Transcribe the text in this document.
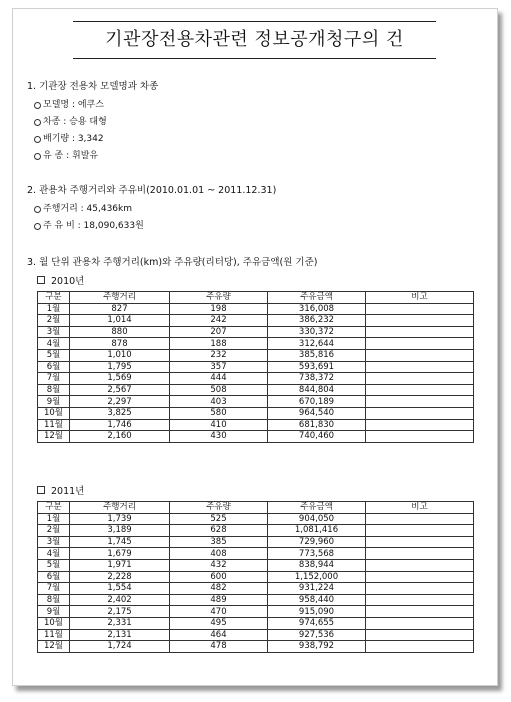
기관장전용차관련 정보공개청구의 건
1. 기관장 전용차 모델명과 차종
모델명 : 에쿠스
차종 : 승용 대형
배기량 : 3,342
유 종 : 휘발유
2. 관용차 주행거리와 주유비(2010.01.01 ~ 2011.12.31)
주행거리 : 45,436km
주 유 비 : 18,090,633원
3. 월 단위 관용차 주행거리(km)와 주유량(리터당), 주유금액(원 기준)
2010년
구분	주행거리	주유량	주유금액	비고
1월	827	198	316,008	
2월	1,014	242	386,232	
3월	880	207	330,372	
4월	878	188	312,644	
5월	1,010	232	385,816	
6월	1,795	357	593,691	
7월	1,569	444	738,372	
8월	2,567	508	844,804	
9월	2,297	403	670,189	
10월	3,825	580	964,540	
11월	1,746	410	681,830	
12월	2,160	430	740,460	
2011년
구분	주행거리	주유량	주유금액	비고
1월	1,739	525	904,050	
2월	3,189	628	1,081,416	
3월	1,745	385	729,960	
4월	1,679	408	773,568	
5월	1,971	432	838,944	
6월	2,228	600	1,152,000	
7월	1,554	482	931,224	
8월	2,402	489	958,440	
9월	2,175	470	915,090	
10월	2,331	495	974,655	
11월	2,131	464	927,536	
12월	1,724	478	938,792	
